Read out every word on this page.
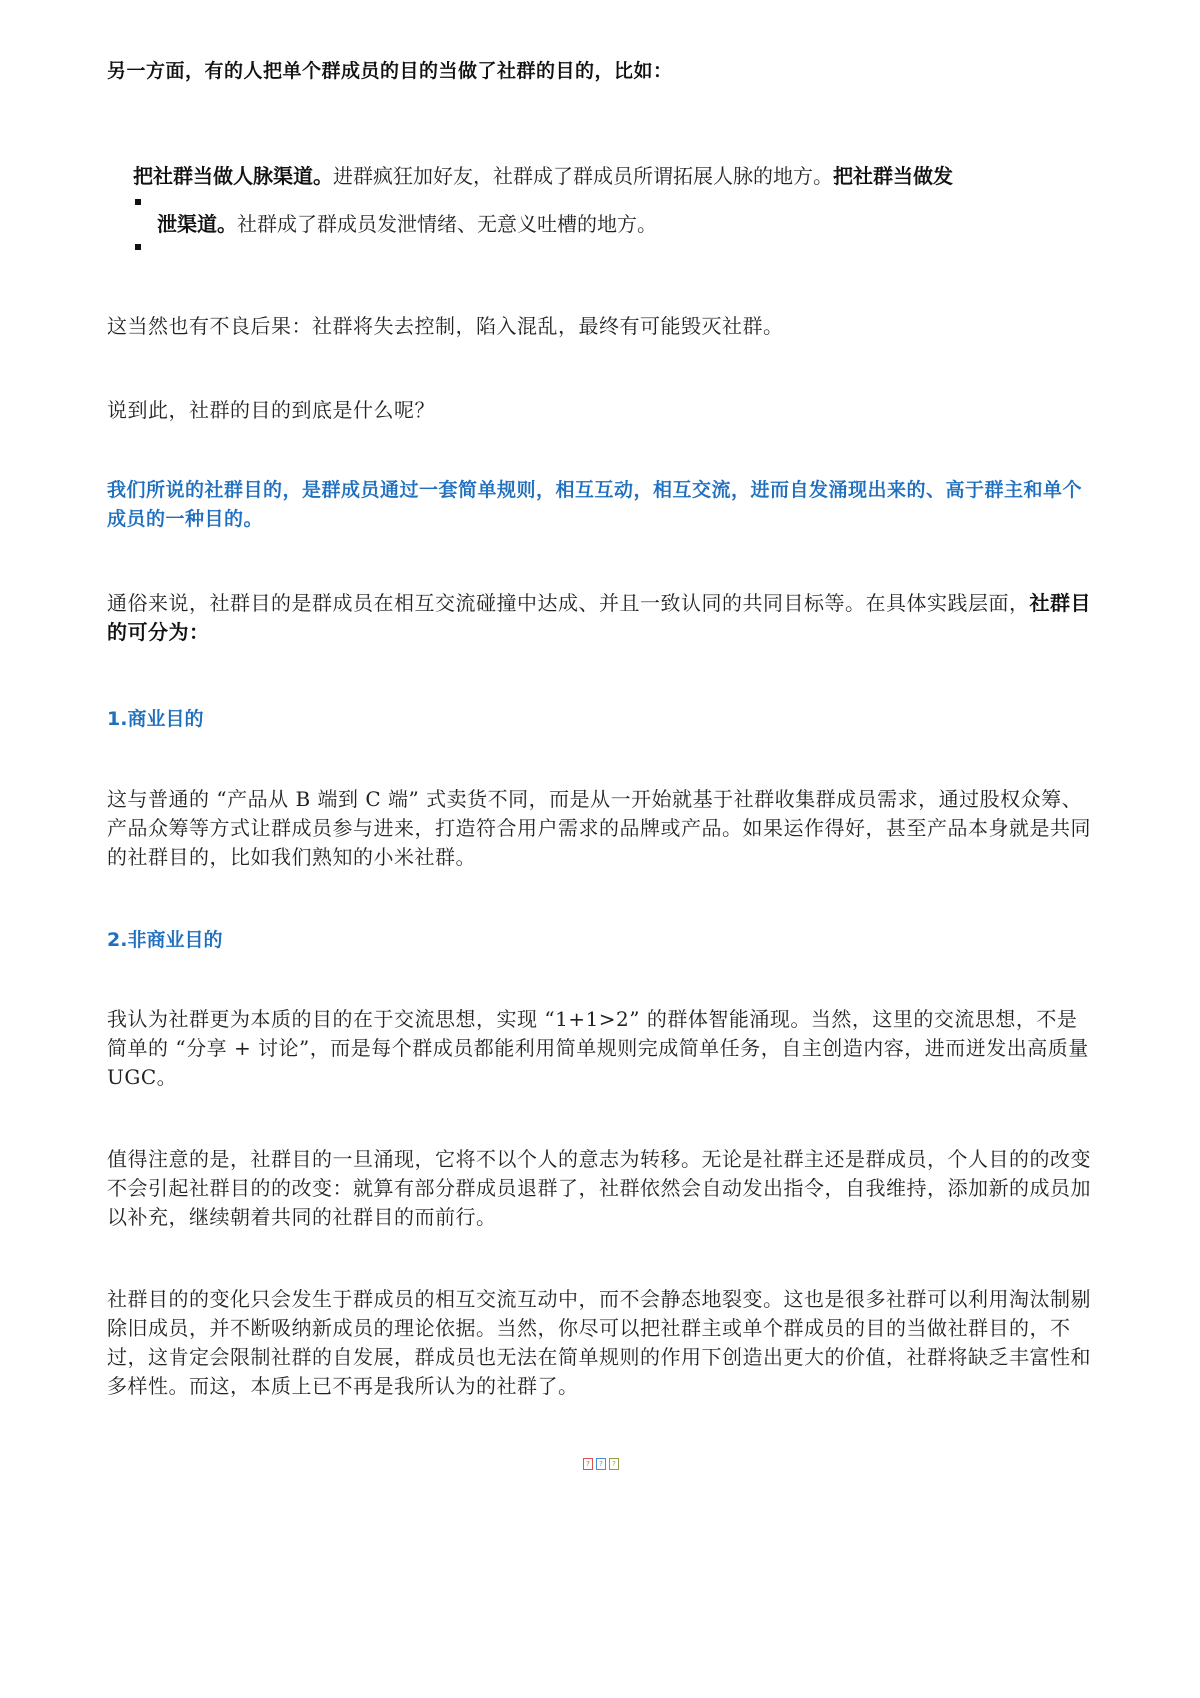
另一方面，有的人把单个群成员的目的当做了社群的目的，比如：
把社群当做人脉渠道。进群疯狂加好友，社群成了群成员所谓拓展人脉的地方。把社群当做发
泄渠道。社群成了群成员发泄情绪、无意义吐槽的地方。
这当然也有不良后果：社群将失去控制，陷入混乱，最终有可能毁灭社群。
说到此，社群的目的到底是什么呢？
我们所说的社群目的，是群成员通过一套简单规则，相互互动，相互交流，进而自发涌现出来的、高于群主和单个成员的一种目的。
通俗来说，社群目的是群成员在相互交流碰撞中达成、并且一致认同的共同目标等。在具体实践层面，社群目的可分为：
1.商业目的
这与普通的 “产品从 B 端到 C 端” 式卖货不同，而是从一开始就基于社群收集群成员需求，通过股权众筹、产品众筹等方式让群成员参与进来，打造符合用户需求的品牌或产品。如果运作得好，甚至产品本身就是共同的社群目的，比如我们熟知的小米社群。
2.非商业目的
我认为社群更为本质的目的在于交流思想，实现 “1+1>2” 的群体智能涌现。当然，这里的交流思想，不是简单的 “分享 + 讨论”，而是每个群成员都能利用简单规则完成简单任务，自主创造内容，进而迸发出高质量 UGC。
值得注意的是，社群目的一旦涌现，它将不以个人的意志为转移。无论是社群主还是群成员，个人目的的改变不会引起社群目的的改变：就算有部分群成员退群了，社群依然会自动发出指令，自我维持，添加新的成员加以补充，继续朝着共同的社群目的而前行。
社群目的的变化只会发生于群成员的相互交流互动中，而不会静态地裂变。这也是很多社群可以利用淘汰制剔除旧成员，并不断吸纳新成员的理论依据。当然，你尽可以把社群主或单个群成员的目的当做社群目的，不过，这肯定会限制社群的自发展，群成员也无法在简单规则的作用下创造出更大的价值，社群将缺乏丰富性和多样性。而这，本质上已不再是我所认为的社群了。
?	?	?
